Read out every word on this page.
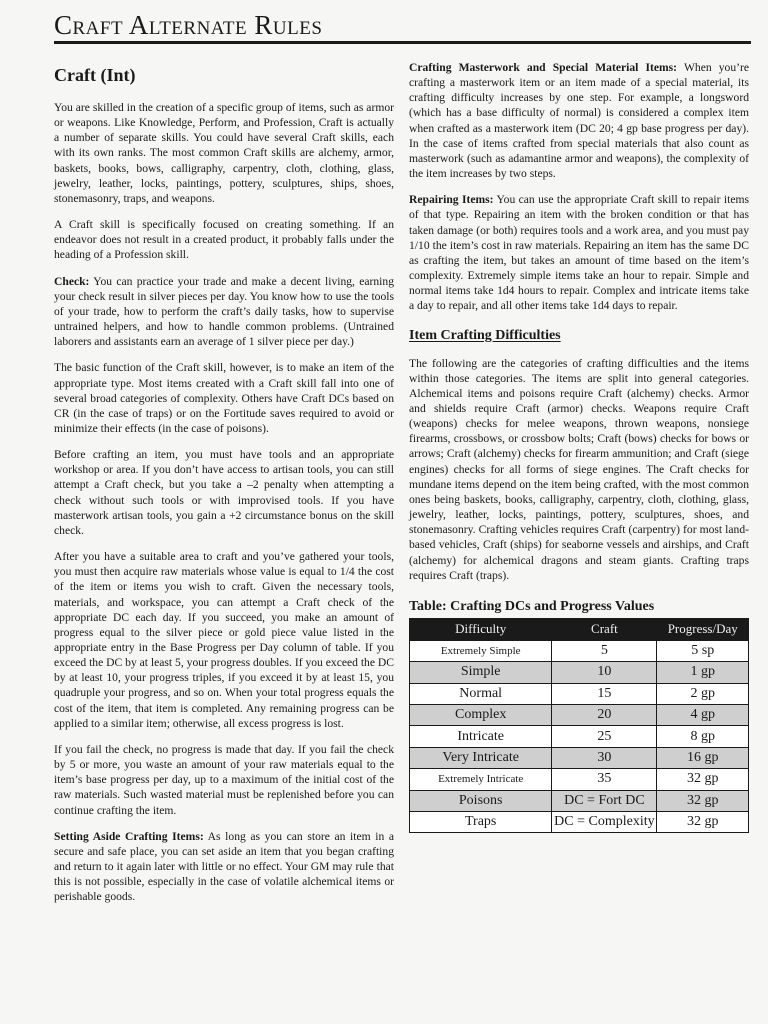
Craft Alternate Rules
Craft (Int)

You are skilled in the creation of a specific group of items, such as armor or weapons. Like Knowledge, Perform, and Profession, Craft is actually a number of separate skills. You could have several Craft skills, each with its own ranks. The most common Craft skills are alchemy, armor, baskets, books, bows, calligraphy, carpentry, cloth, clothing, glass, jewelry, leather, locks, paintings, pottery, sculptures, ships, shoes, stonemasonry, traps, and weapons.

A Craft skill is specifically focused on creating something. If an endeavor does not result in a created product, it probably falls under the heading of a Profession skill.

Check: You can practice your trade and make a decent living, earning your check result in silver pieces per day. You know how to use the tools of your trade, how to perform the craft’s daily tasks, how to supervise untrained helpers, and how to handle common problems. (Untrained laborers and assistants earn an average of 1 silver piece per day.)

The basic function of the Craft skill, however, is to make an item of the appropriate type. Most items created with a Craft skill fall into one of several broad categories of complexity. Others have Craft DCs based on CR (in the case of traps) or on the Fortitude saves required to avoid or minimize their effects (in the case of poisons).

Before crafting an item, you must have tools and an appropriate workshop or area. If you don’t have access to artisan tools, you can still attempt a Craft check, but you take a –2 penalty when attempting a check without such tools or with improvised tools. If you have masterwork artisan tools, you gain a +2 circumstance bonus on the skill check.

After you have a suitable area to craft and you’ve gathered your tools, you must then acquire raw materials whose value is equal to 1/4 the cost of the item or items you wish to craft. Given the necessary tools, materials, and workspace, you can attempt a Craft check of the appropriate DC each day. If you succeed, you make an amount of progress equal to the silver piece or gold piece value listed in the appropriate entry in the Base Progress per Day column of table. If you exceed the DC by at least 5, your progress doubles. If you exceed the DC by at least 10, your progress triples, if you exceed it by at least 15, you quadruple your progress, and so on. When your total progress equals the cost of the item, that item is completed. Any remaining progress can be applied to a similar item; otherwise, all excess progress is lost.

If you fail the check, no progress is made that day. If you fail the check by 5 or more, you waste an amount of your raw materials equal to the item’s base progress per day, up to a maximum of the initial cost of the raw materials. Such wasted material must be replenished before you can continue crafting the item.

Setting Aside Crafting Items: As long as you can store an item in a secure and safe place, you can set aside an item that you began crafting and return to it again later with little or no effect. Your GM may rule that this is not possible, especially in the case of volatile alchemical items or perishable goods.

Crafting Masterwork and Special Material Items: When you’re crafting a masterwork item or an item made of a special material, its crafting difficulty increases by one step. For example, a longsword (which has a base difficulty of normal) is considered a complex item when crafted as a masterwork item (DC 20; 4 gp base progress per day). In the case of items crafted from special materials that also count as masterwork (such as adamantine armor and weapons), the complexity of the item increases by two steps.

Repairing Items: You can use the appropriate Craft skill to repair items of that type. Repairing an item with the broken condition or that has taken damage (or both) requires tools and a work area, and you must pay 1/10 the item’s cost in raw materials. Repairing an item has the same DC as crafting the item, but takes an amount of time based on the item’s complexity. Extremely simple items take an hour to repair. Simple and normal items take 1d4 hours to repair. Complex and intricate items take a day to repair, and all other items take 1d4 days to repair.

Item Crafting Difficulties

The following are the categories of crafting difficulties and the items within those categories. The items are split into general categories. Alchemical items and poisons require Craft (alchemy) checks. Armor and shields require Craft (armor) checks. Weapons require Craft (weapons) checks for melee weapons, thrown weapons, nonsiege firearms, crossbows, or crossbow bolts; Craft (bows) checks for bows or arrows; Craft (alchemy) checks for firearm ammunition; and Craft (siege engines) checks for all forms of siege engines. The Craft checks for mundane items depend on the item being crafted, with the most common ones being baskets, books, calligraphy, carpentry, cloth, clothing, glass, jewelry, leather, locks, paintings, pottery, sculptures, shoes, and stonemasonry. Crafting vehicles requires Craft (carpentry) for most land-based vehicles, Craft (ships) for seaborne vessels and airships, and Craft (alchemy) for alchemical dragons and steam giants. Crafting traps requires Craft (traps).

Table: Crafting DCs and Progress Values
Difficulty	Craft	Progress/Day
Extremely Simple	5	5 sp
Simple	10	1 gp
Normal	15	2 gp
Complex	20	4 gp
Intricate	25	8 gp
Very Intricate	30	16 gp
Extremely Intricate	35	32 gp
Poisons	DC = Fort DC	32 gp
Traps	DC = Complexity	32 gp
